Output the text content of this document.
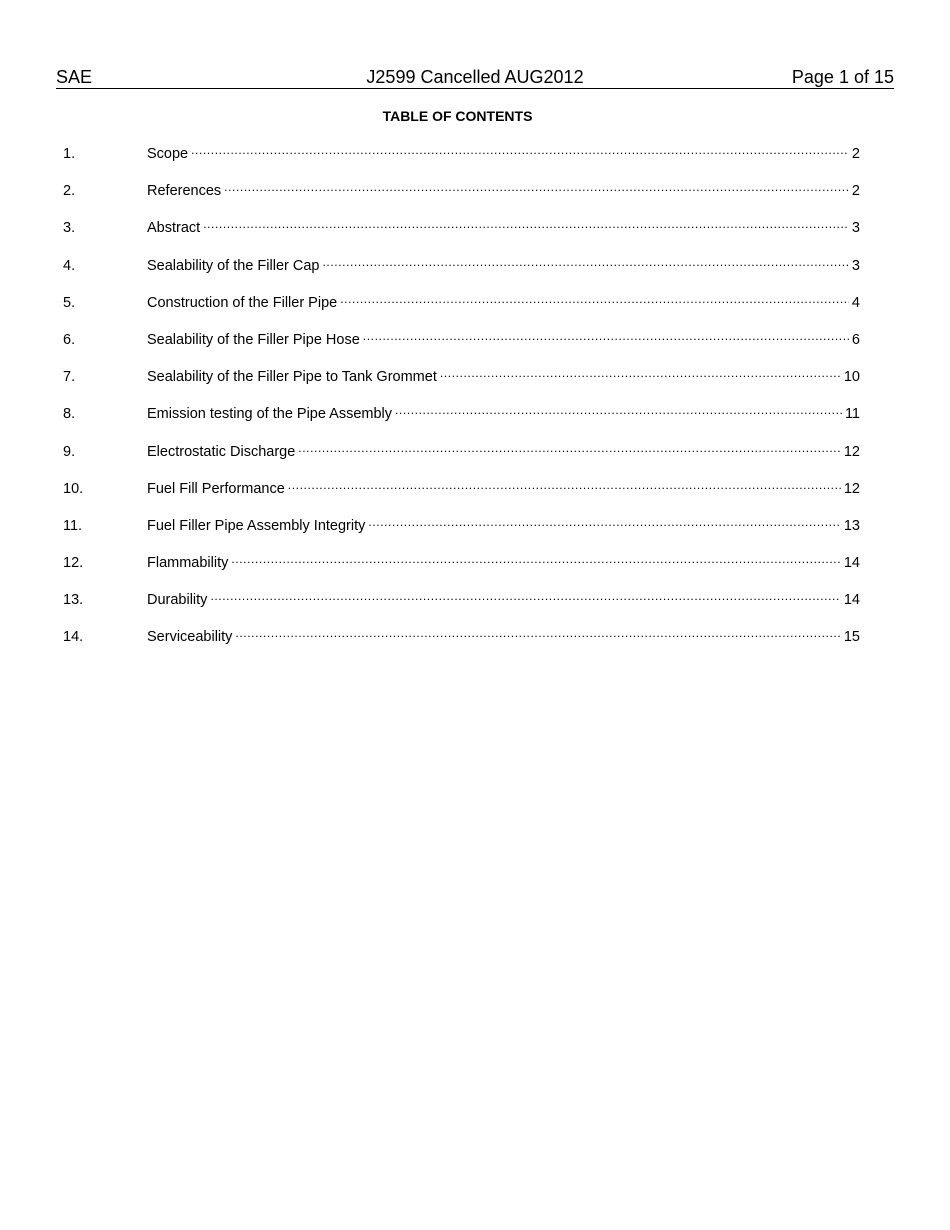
SAE	J2599 Cancelled AUG2012	Page 1 of 15
TABLE OF CONTENTS
1.	Scope .....	2
2.	References .....	2
3.	Abstract .....	3
4.	Sealability of the Filler Cap .....	3
5.	Construction of the Filler Pipe .....	4
6.	Sealability of the Filler Pipe Hose .....	6
7.	Sealability of the Filler Pipe to Tank Grommet .....	10
8.	Emission testing of the Pipe Assembly .....	11
9.	Electrostatic Discharge .....	12
10.	Fuel Fill Performance .....	12
11.	Fuel Filler Pipe Assembly Integrity .....	13
12.	Flammability .....	14
13.	Durability .....	14
14.	Serviceability .....	15
